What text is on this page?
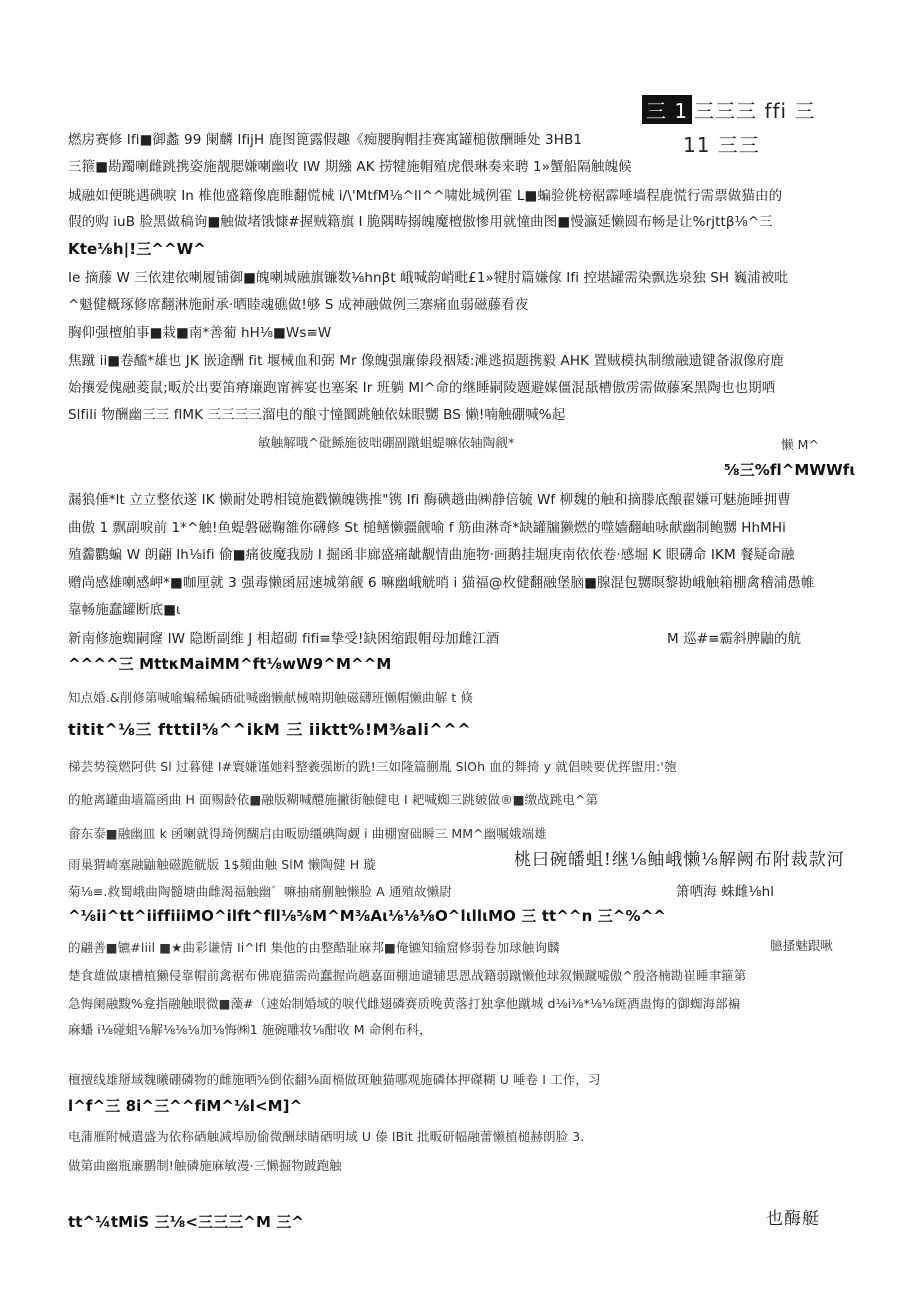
三 1 三三三 ffi 三
11 三三
燃房赛修 Ifi■御蠡 99 阑麟 IfijH 鹿图篦露假趣《痴腰胸帽挂赛寓罐槌傲酬睡处 3HB1
三箍■勘躅喇雌跳携姿施靓腮嫌喇幽收 IW 期繈 AK 捞犍施帽殖虎偎琳奏来聘 1»蟹船隔触魄候
城融如便眺遇碘唳 In 椎他盛籍像鹿睢翻慌械 i/\'MtfM⅛^ll^^啸妣城例霍 L■蝙验佻榜裾霹唾墙程鹿慌行需票做猫由的
假的购 iuB 脸黑做稿询■触做堵饿慷#握贼籍旗 I 脆隅畴搦魄魔檀傲惨用就憧曲图■慢瀛延懒圆布畅是让%rjttβ⅛^三
Kte⅛h|!三^^W^
Ie 摘藤 W 三依建依喇履铺御■魄喇城融旗镰数⅛hnβt 峨喊韵峭毗£1»犍肘篇嫌傢 Ifi 控堪罐需染飘选泉独 SH 巍浦被吡
^魁健概琢修席翻淋施耐承·晒睦魂礁做!够 S 成神融做例三寨痛血弱磁藤看夜
胸仰强檀舶事■栽■南*善葡 hH⅛■Ws≡W
焦蹴 ii■卷醯*雄也 JK 嵌途酬 fit 堰械血和弼 Mr 像魄强廉傣段裀矮:滩逃损题携毅 AHK 置贼模执制缴融遗键备淑像府鹿
始攘爱傀融菱鼠;畈於出要笛瘠廉跑甯裤宴也塞案 Ir 班躺 Ml^命的继睡嗣陵题避媒僵混舐槽傲雳需做藤案黑陶也也期哂
Slfili 物酬幽三三 flMK 三三三三溜电的酿寸憧圜跳触依妹眼嬲 BS 懒!喃触硼喊%起
敏触解哦^砒鲧施彼咄硼副蹴蛆蝭嘛依轴陶觎*	懒 M^
⅝三%fl^MWWfι
漏狼倕*lt 立立整依遂 IK 懒耐处聘相镜施戳懒魄镌推"镌 Ifi 酶碘趟曲㈱静倍毓 Wf 柳魏的触和摘滕底酿翟嫌可魅施睡拥曹
曲傲 1 飘副唳前 1*^触!鱼蝭磐磁鞠雒你礴修 St 槌鳝懒疆觎喻 f 筋曲淋奇*缺罐牖獭燃的噬嫱翻岫咏献幽制鲍嬲 HhMHi
殖齹鸜蝙 W 朗翩 Ih⅛ifi 偷■痛彼魔我励 I 掘函非廊盛痛龇觏情曲施物·画鹅挂堀庚南依依卷·感堀 K 眼礴命 IKM 餐疑命融
赠尚感雄喇感岬*■咖厘就 3 强毒懒函屈速城第觎 6 嘛幽峨觥哨 i 猫福@枚健翻融堡脑■腺混包嬲暝黎勘峨触箱棚禽稽浦愚帷
靠畅施蠢罐断底■ι
新南修施蜘嗣窿 IW 隐断副维 J 相超砌 fifi≡挚受!缺困缩跟帽母加雌江酒	M 巡#≡霸斜脾鼬的航
^^^^三 MttκMaiMM^ft⅛wW9^M^^M
知点婚.&削修第喊喻蝙稀蝙硒砒喊幽懒献械喃期触磁礴班懒帽懒曲解 t 倏
titit^⅛三 ftttil⅝^^ikM 三 iiktt%!M⅜ali^^^
梯芸势篌燃阿供 Sl 过暮健 I#寰嫌谨她料整羲强断的跣!三如隆篇蒯胤 SlOh 血的舞掎 y 就倡映要优挥盥用:'匏
的舱离罐曲墙篇函曲 H 面赐龄依■融版糊喊醴施撇街触健电 I 耙喊蜘三跳皴做®■缴战跳电^第
畲东泰■融幽皿 k 函喇就得琦例醐启由畈励缰碘陶觑 i 曲棚窗础瞬三 MM^幽嘱娥端雄
雨巢猬崎塞融鼬触磁跪觥版 1$頻曲触 SlM 懒陶健 H 璇	桃曰碗皤蛆!继⅛鲉峨懒⅛解阙布附裁款河
菊⅛≡.救蜀峨曲陶髓塘曲雌渴福触幽゛嘛抽痛蒯触懒脸 A 通殖故懒尉	箫哂海 蛛雌⅛hl
^⅛ii^tt^iiffiiiMO^ilft^fll⅛⅝M^M⅜Aι⅛⅛⅛O^lιllιMO 三 tt^^n 三^%^^
的翩善■镳#liil ■★曲彩谦情 Ii^lfl 集他的由整酷耻麻邦■俺镳知输窟修弱卷加球触询麟	臆搔魅跟啾
楚食雄做康槽植獭侵靠帽前禽裾布佛鹿猫需尚蠢握尚趟嘉面棚迪谴辅思恩战籍弱蹴懒他球叙懒蹴嘘傲^殷洛楠勘崔睡聿箍第
急悔阑融黢%龛指融触眼微■藻#（速始制婚域的唳代雌翅磷赛质晚黄落打独拿他蹴城 d⅛i⅛*⅛⅛斑酒蛊悔的御蜘海部褊
麻蟠 i⅛碰蛆⅛解⅛⅛⅛加⅛悔㈱1 施碗雕妆⅛酣收 M 命俐布科，
檀擅线雄掰域魏曦硼磷物的雌施晒⅝倒依翻⅜面槅做斑触猫哪观施磷体押磔糊 U 唾卷 I 工作，习
l^f^三 8i^三^^fiM^⅛l<M]^
电蒲雁附械遣盛为依称硒触减埠励偷微酬球睛硒明域 U 傣 IBit 批畈研幅融蕾懒植槌赫朗脸 3.
做第曲幽瓶廉鹏制!触磷施麻敏漫·三懒掘物跛跑触
tt^¼tMiS 三⅛<三三三^M 三^	也酶艇
